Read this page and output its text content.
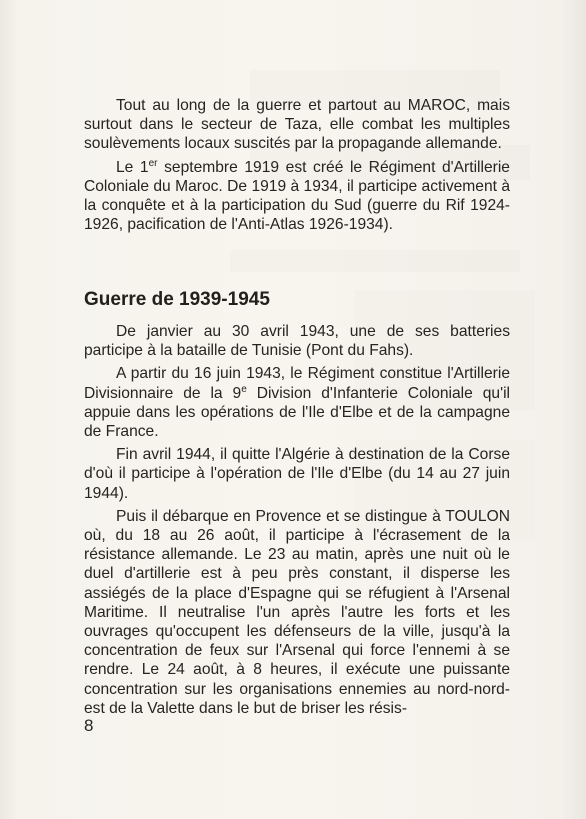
Tout au long de la guerre et partout au MAROC, mais surtout dans le secteur de Taza, elle combat les multiples soulèvements locaux suscités par la propagande allemande.

Le 1er septembre 1919 est créé le Régiment d'Artillerie Coloniale du Maroc. De 1919 à 1934, il participe activement à la conquête et à la participation du Sud (guerre du Rif 1924-1926, pacification de l'Anti-Atlas 1926-1934).

Guerre de 1939-1945

De janvier au 30 avril 1943, une de ses batteries participe à la bataille de Tunisie (Pont du Fahs).

A partir du 16 juin 1943, le Régiment constitue l'Artillerie Divisionnaire de la 9e Division d'Infanterie Coloniale qu'il appuie dans les opérations de l'Ile d'Elbe et de la campagne de France.

Fin avril 1944, il quitte l'Algérie à destination de la Corse d'où il participe à l'opération de l'Ile d'Elbe (du 14 au 27 juin 1944).

Puis il débarque en Provence et se distingue à TOULON où, du 18 au 26 août, il participe à l'écrasement de la résistance allemande. Le 23 au matin, après une nuit où le duel d'artillerie est à peu près constant, il disperse les assiégés de la place d'Espagne qui se réfugient à l'Arsenal Maritime. Il neutralise l'un après l'autre les forts et les ouvrages qu'occupent les défenseurs de la ville, jusqu'à la concentration de feux sur l'Arsenal qui force l'ennemi à se rendre. Le 24 août, à 8 heures, il exécute une puissante concentration sur les organisations ennemies au nord-nord-est de la Valette dans le but de briser les résis-

8
